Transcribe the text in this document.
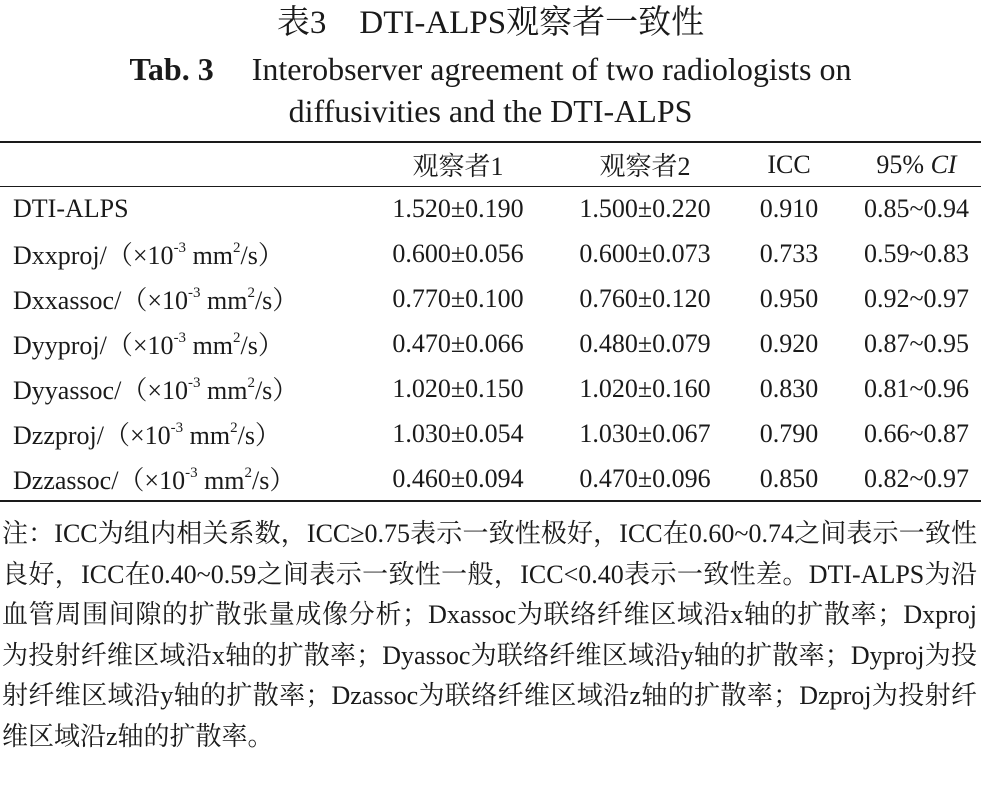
表3　DTI-ALPS观察者一致性
Tab. 3 Interobserver agreement of two radiologists on
diffusivities and the DTI-ALPS
	观察者1	观察者2	ICC	95% CI
DTI-ALPS	1.520±0.190	1.500±0.220	0.910	0.85~0.94
Dxxproj/（$\times 10^{-3}$ $mm^2/s$）	0.600±0.056	0.600±0.073	0.733	0.59~0.83
Dxxassoc/（$\times 10^{-3}$ $mm^2/s$）	0.770±0.100	0.760±0.120	0.950	0.92~0.97
Dyyproj/（$\times 10^{-3}$ $mm^2/s$）	0.470±0.066	0.480±0.079	0.920	0.87~0.95
Dyyassoc/（$\times 10^{-3}$ $mm^2/s$）	1.020±0.150	1.020±0.160	0.830	0.81~0.96
Dzzproj/（$\times 10^{-3}$ $mm^2/s$）	1.030±0.054	1.030±0.067	0.790	0.66~0.87
Dzzassoc/（$\times 10^{-3}$ $mm^2/s$）	0.460±0.094	0.470±0.096	0.850	0.82~0.97
注：ICC为组内相关系数，ICC≥0.75表示一致性极好，ICC在0.60~0.74之间表示一致性良好，ICC在0.40~0.59之间表示一致性一般，ICC<0.40表示一致性差。DTI-ALPS为沿血管周围间隙的扩散张量成像分析；Dxassoc为联络纤维区域沿x轴的扩散率；Dxproj为投射纤维区域沿x轴的扩散率；Dyassoc为联络纤维区域沿y轴的扩散率；Dyproj为投射纤维区域沿y轴的扩散率；Dzassoc为联络纤维区域沿z轴的扩散率；Dzproj为投射纤维区域沿z轴的扩散率。
